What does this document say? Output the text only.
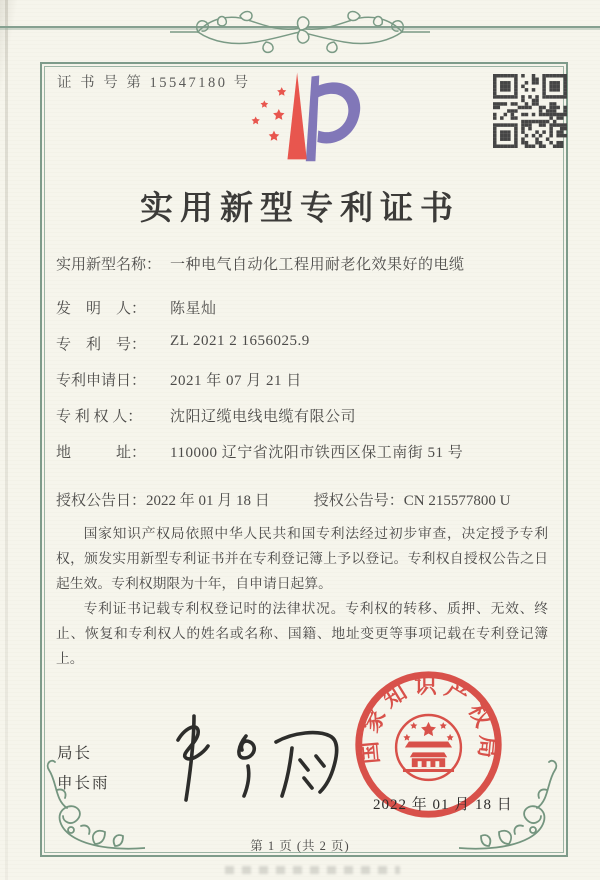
证 书 号 第 15547180 号
实用新型专利证书
实用新型名称： 一种电气自动化工程用耐老化效果好的电缆
发　明　人： 陈星灿
专　利　号： ZL 2021 2 1656025.9
专利申请日： 2021 年 07 月 21 日
专 利 权 人： 沈阳辽缆电线电缆有限公司
地　　　址： 110000 辽宁省沈阳市铁西区保工南街 51 号
授权公告日：2022 年 01 月 18 日	授权公告号：CN 215577800 U

国家知识产权局依照中华人民共和国专利法经过初步审查，决定授予专利权，颁发实用新型专利证书并在专利登记簿上予以登记。专利权自授权公告之日起生效。专利权期限为十年，自申请日起算。

专利证书记载专利权登记时的法律状况。专利权的转移、质押、无效、终止、恢复和专利权人的姓名或名称、国籍、地址变更等事项记载在专利登记簿上。

局长
申长雨
国家知识产权局
2022 年 01 月 18 日
第 1 页 (共 2 页)
